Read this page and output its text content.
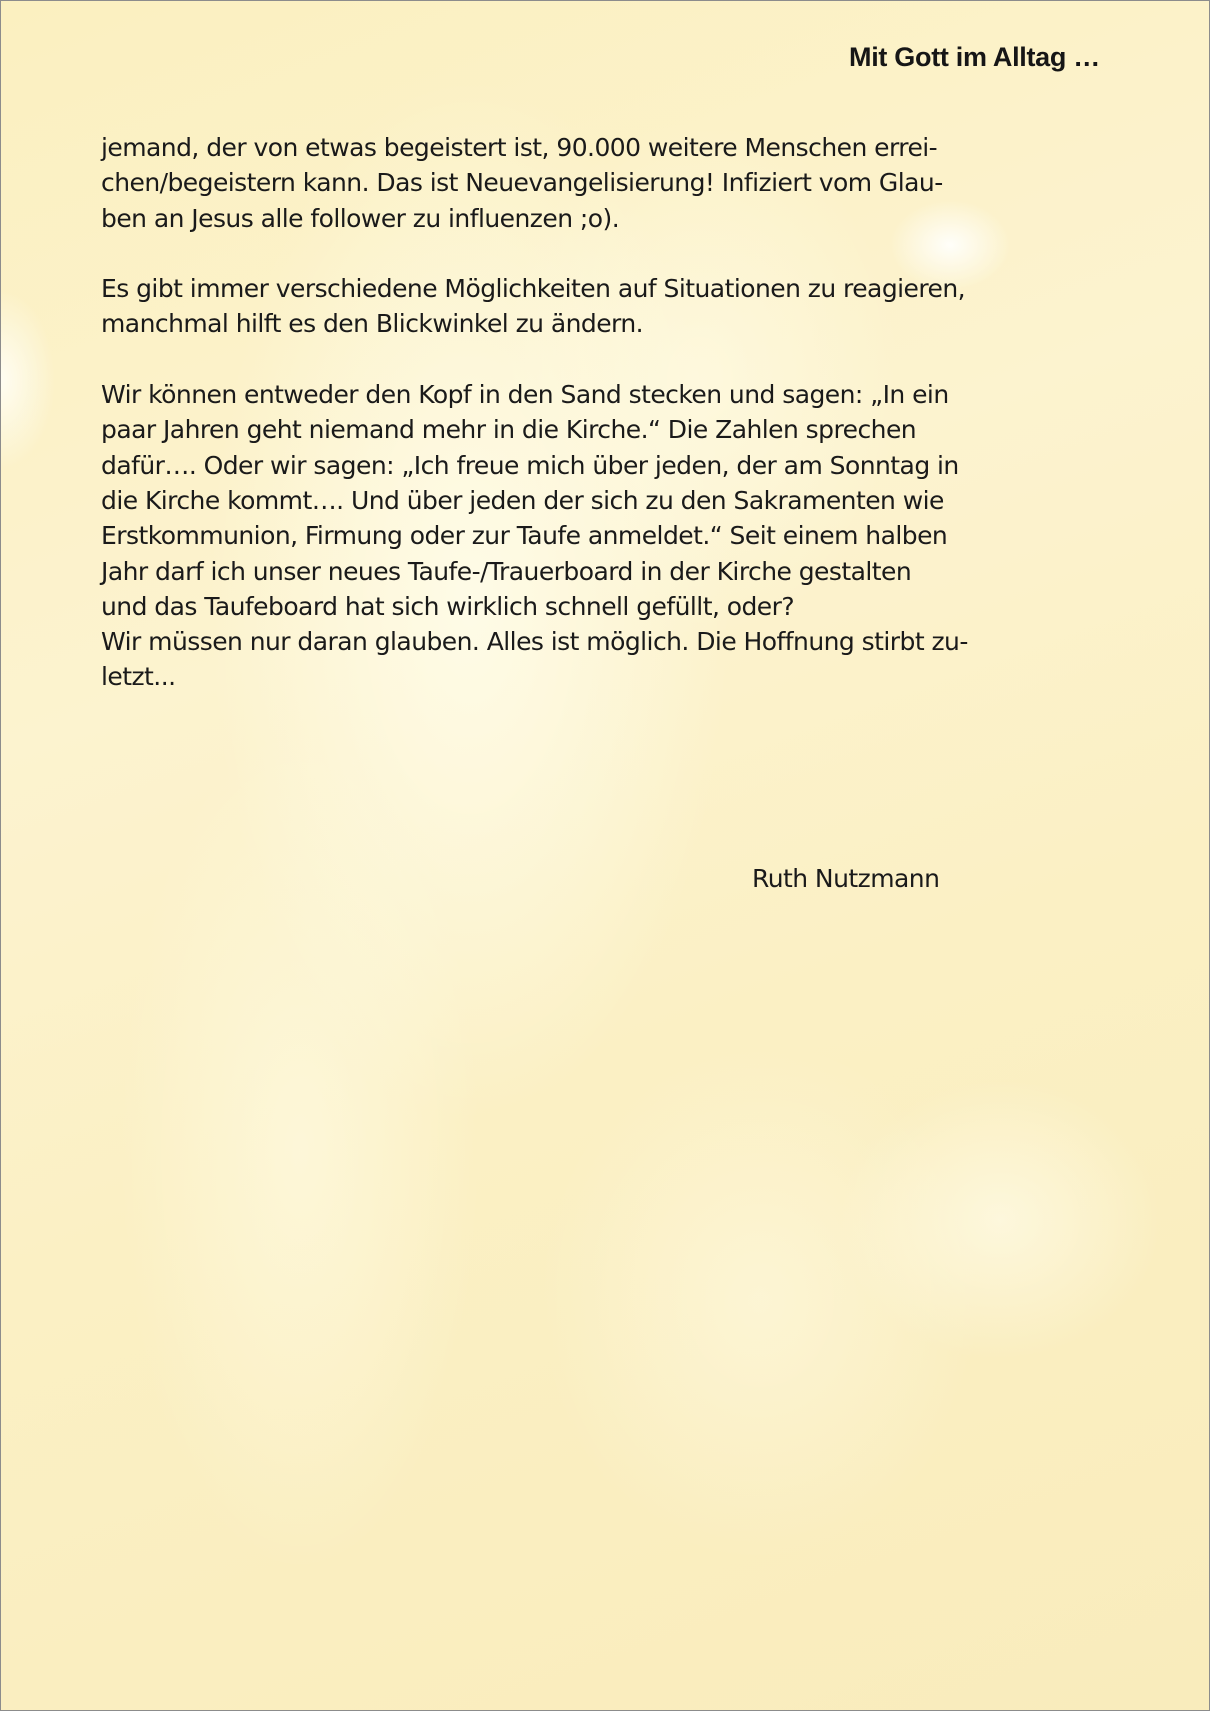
Mit Gott im Alltag …

jemand, der von etwas begeistert ist, 90.000 weitere Menschen errei-
chen/begeistern kann. Das ist Neuevangelisierung! Infiziert vom Glau-
ben an Jesus alle follower zu influenzen ;o).

Es gibt immer verschiedene Möglichkeiten auf Situationen zu reagieren,
manchmal hilft es den Blickwinkel zu ändern.

Wir können entweder den Kopf in den Sand stecken und sagen: „In ein
paar Jahren geht niemand mehr in die Kirche.“ Die Zahlen sprechen
dafür…. Oder wir sagen: „Ich freue mich über jeden, der am Sonntag in
die Kirche kommt…. Und über jeden der sich zu den Sakramenten wie
Erstkommunion, Firmung oder zur Taufe anmeldet.“ Seit einem halben
Jahr darf ich unser neues Taufe-/Trauerboard in der Kirche gestalten
und das Taufeboard hat sich wirklich schnell gefüllt, oder?
Wir müssen nur daran glauben. Alles ist möglich. Die Hoffnung stirbt zu-
letzt...

Ruth Nutzmann
